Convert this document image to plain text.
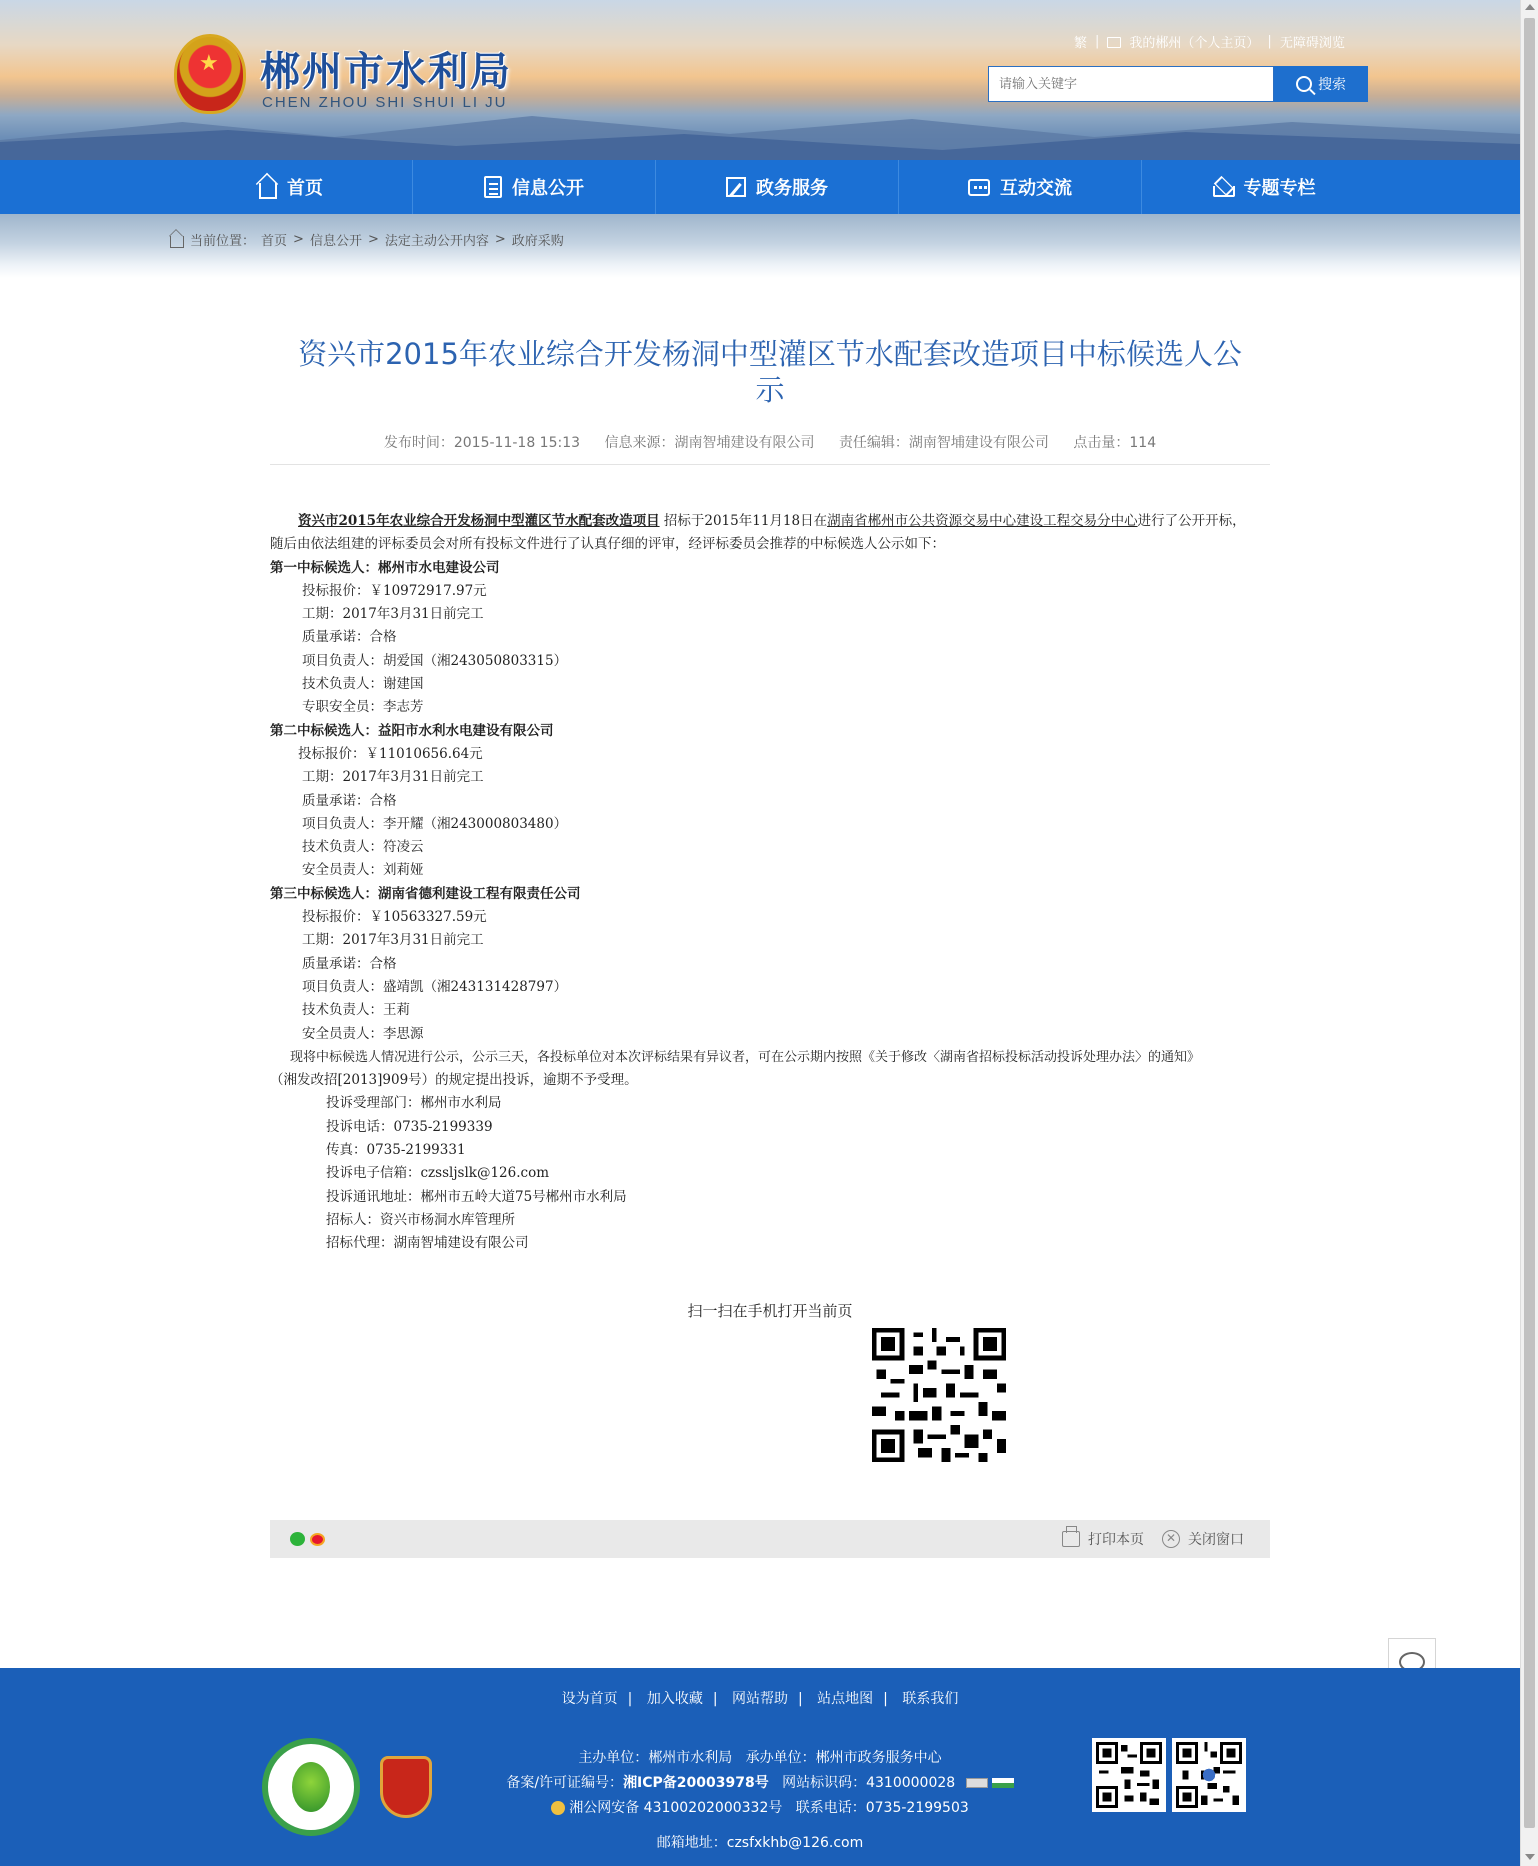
★ 郴州市水利局
CHEN ZHOU SHI SHUI LI JU
繁 | 我的郴州（个人主页） | 无障碍浏览
请输入关键字
搜索
首页	信息公开	政务服务	互动交流	专题专栏
当前位置： 首页 > 信息公开 > 法定主动公开内容 > 政府采购
资兴市2015年农业综合开发杨洞中型灌区节水配套改造项目中标候选人公
示
发布时间：2015-11-18 15:13 信息来源：湖南智埔建设有限公司 责任编辑：湖南智埔建设有限公司 点击量：114

资兴市2015年农业综合开发杨洞中型灌区节水配套改造项目 招标于2015年11月18日在湖南省郴州市公共资源交易中心建设工程交易分中心进行了公开开标，

随后由依法组建的评标委员会对所有投标文件进行了认真仔细的评审，经评标委员会推荐的中标候选人公示如下：

第一中标候选人：郴州市水电建设公司

投标报价：￥10972917.97元

工期：2017年3月31日前完工

质量承诺：合格

项目负责人：胡爱国（湘243050803315）

技术负责人：谢建国

专职安全员：李志芳

第二中标候选人：益阳市水利水电建设有限公司

投标报价：￥11010656.64元

工期：2017年3月31日前完工

质量承诺：合格

项目负责人：李开耀（湘243000803480）

技术负责人：符凌云

安全员责人：刘莉娅

第三中标候选人：湖南省德利建设工程有限责任公司

投标报价：￥10563327.59元

工期：2017年3月31日前完工

质量承诺：合格

项目负责人：盛靖凯（湘243131428797）

技术负责人：王莉

安全员责人：李思源

现将中标候选人情况进行公示，公示三天，各投标单位对本次评标结果有异议者，可在公示期内按照《关于修改〈湖南省招标投标活动投诉处理办法〉的通知》

（湘发改招[2013]909号）的规定提出投诉，逾期不予受理。

投诉受理部门：郴州市水利局

投诉电话：0735-2199339

传真：0735-2199331

投诉电子信箱：czssljslk@126.com

投诉通讯地址：郴州市五岭大道75号郴州市水利局

招标人：资兴市杨洞水库管理所

招标代理：湖南智埔建设有限公司

扫一扫在手机打开当前页
打印本页	✕ 关闭窗口
设为首页 | 加入收藏 | 网站帮助 | 站点地图 | 联系我们
主办单位：郴州市水利局 承办单位：郴州市政务服务中心
备案/许可证编号：湘ICP备20003978号 网站标识码：4310000028
湘公网安备 43100202000332号 联系电话：0735-2199503
邮箱地址：czsfxkhb@126.com
